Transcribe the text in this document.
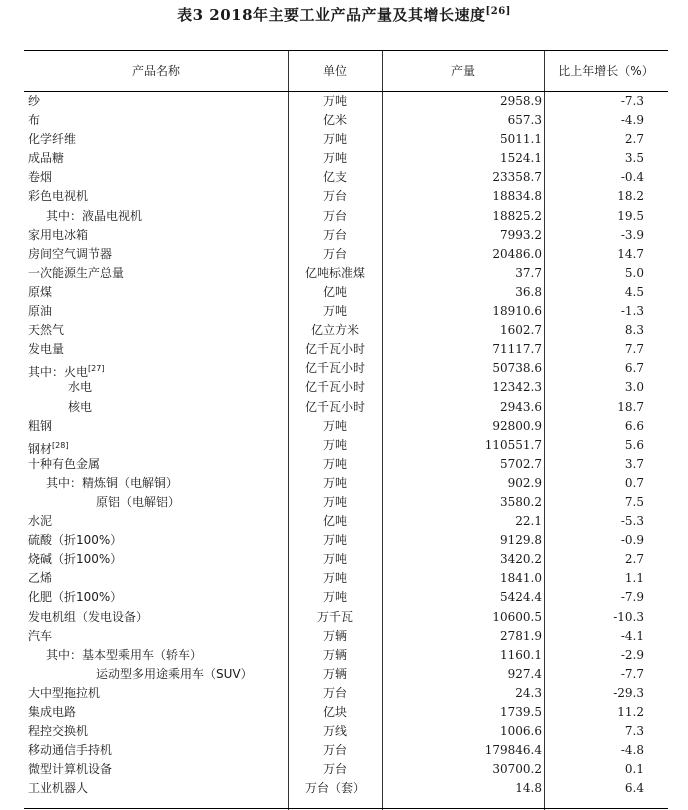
表3 2018年主要工业产品产量及其增长速度[26]
产品名称	单位	产量	比上年增长（%）
纱	万吨	2958.9	-7.3
布	亿米	657.3	-4.9
化学纤维	万吨	5011.1	2.7
成品糖	万吨	1524.1	3.5
卷烟	亿支	23358.7	-0.4
彩色电视机	万台	18834.8	18.2
其中：液晶电视机	万台	18825.2	19.5
家用电冰箱	万台	7993.2	-3.9
房间空气调节器	万台	20486.0	14.7
一次能源生产总量	亿吨标准煤	37.7	5.0
原煤	亿吨	36.8	4.5
原油	万吨	18910.6	-1.3
天然气	亿立方米	1602.7	8.3
发电量	亿千瓦小时	71117.7	7.7
其中：火电[27]	亿千瓦小时	50738.6	6.7
水电	亿千瓦小时	12342.3	3.0
核电	亿千瓦小时	2943.6	18.7
粗钢	万吨	92800.9	6.6
钢材[28]	万吨	110551.7	5.6
十种有色金属	万吨	5702.7	3.7
其中：精炼铜（电解铜）	万吨	902.9	0.7
原铝（电解铝）	万吨	3580.2	7.5
水泥	亿吨	22.1	-5.3
硫酸（折100%）	万吨	9129.8	-0.9
烧碱（折100%）	万吨	3420.2	2.7
乙烯	万吨	1841.0	1.1
化肥（折100%）	万吨	5424.4	-7.9
发电机组（发电设备）	万千瓦	10600.5	-10.3
汽车	万辆	2781.9	-4.1
其中：基本型乘用车（轿车）	万辆	1160.1	-2.9
运动型多用途乘用车（SUV）	万辆	927.4	-7.7
大中型拖拉机	万台	24.3	-29.3
集成电路	亿块	1739.5	11.2
程控交换机	万线	1006.6	7.3
移动通信手持机	万台	179846.4	-4.8
微型计算机设备	万台	30700.2	0.1
工业机器人	万台（套）	14.8	6.4
